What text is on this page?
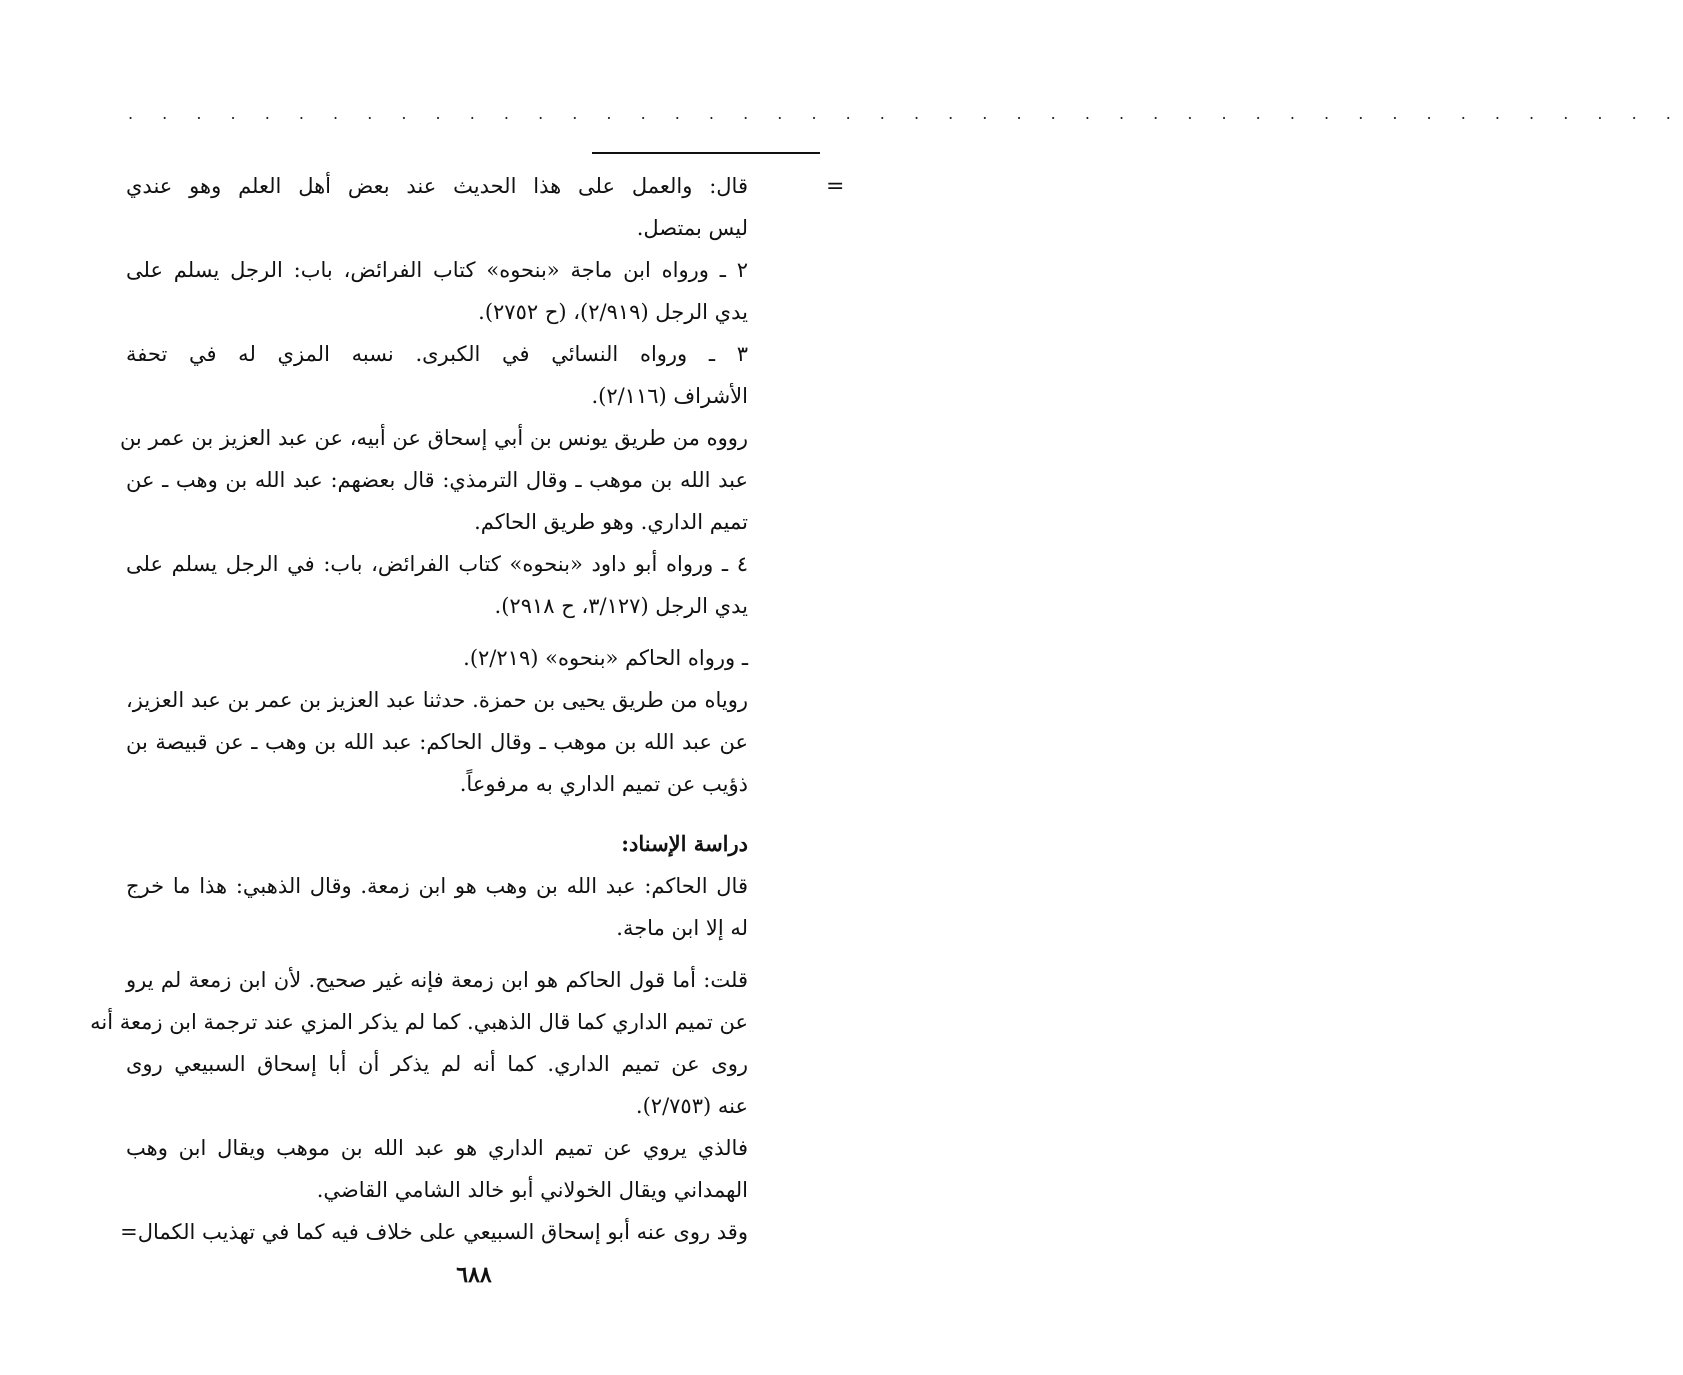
. . . . . . . . . . . . . . . . . . . . . . . . . . . . . . . . . . . . . . . . . . . . . .
=
قال: والعمل على هذا الحديث عند بعض أهل العلم وهو عندي
ليس بمتصل.
٢ ـ ورواه ابن ماجة «بنحوه» كتاب الفرائض، باب: الرجل يسلم على
يدي الرجل (٢/٩١٩)، (ح ٢٧٥٢).
٣ ـ ورواه النسائي في الكبرى. نسبه المزي له في تحفة
الأشراف (٢/١١٦).
رووه من طريق يونس بن أبي إسحاق عن أبيه، عن عبد العزيز بن عمر بن
عبد الله بن موهب ـ وقال الترمذي: قال بعضهم: عبد الله بن وهب ـ عن
تميم الداري. وهو طريق الحاكم.
٤ ـ ورواه أبو داود «بنحوه» كتاب الفرائض، باب: في الرجل يسلم على
يدي الرجل (٣/١٢٧، ح ٢٩١٨).
ـ ورواه الحاكم «بنحوه» (٢/٢١٩).
روياه من طريق يحيى بن حمزة. حدثنا عبد العزيز بن عمر بن عبد العزيز،
عن عبد الله بن موهب ـ وقال الحاكم: عبد الله بن وهب ـ عن قبيصة بن
ذؤيب عن تميم الداري به مرفوعاً.
دراسة الإسناد:
قال الحاكم: عبد الله بن وهب هو ابن زمعة. وقال الذهبي: هذا ما خرج
له إلا ابن ماجة.
قلت: أما قول الحاكم هو ابن زمعة فإنه غير صحيح. لأن ابن زمعة لم يرو
عن تميم الداري كما قال الذهبي. كما لم يذكر المزي عند ترجمة ابن زمعة أنه
روى عن تميم الداري. كما أنه لم يذكر أن أبا إسحاق السبيعي روى
عنه (٢/٧٥٣).
فالذي يروي عن تميم الداري هو عبد الله بن موهب ويقال ابن وهب
الهمداني ويقال الخولاني أبو خالد الشامي القاضي.
وقد روى عنه أبو إسحاق السبيعي على خلاف فيه كما في تهذيب الكمال=
٦٨٨
